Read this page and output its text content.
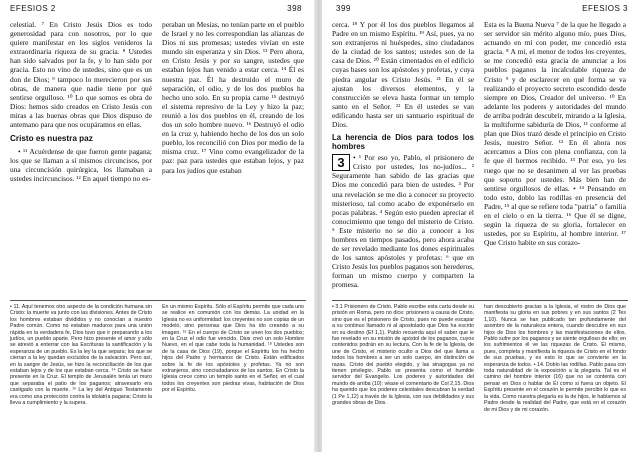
EFESIOS 2	398

celestial. ⁷ En Cristo Jesús Dios es todo generosidad para con nosotros, por lo que quiere manifestar en los siglos venideros la extraordinaria riqueza de su gracia. ⁸ Ustedes han sido salvados por la fe, y lo han sido por gracia. Esto no vino de ustedes, sino que es un don de Dios; ⁹ tampoco lo merecieron por sus obras, de manera que nadie tiene por qué sentirse orgulloso. ¹⁰ Lo que somos es obra de Dios: hemos sido creados en Cristo Jesús con miras a las buenas obras que Dios dispuso de antemano para que nos ocupáramos en ellas.

Cristo es nuestra paz

• ¹¹ Acuérdense de que fueron gente pagana; los que se llaman a sí mismos circuncisos, por una circuncisión quirúrgica, los llamaban a ustedes incircuncisos. ¹² En aquel tiempo no es-

peraban un Mesías, no tenían parte en el pueblo de Israel y no les correspondían las alianzas de Dios ni sus promesas; ustedes vivían en este mundo sin esperanza y sin Dios. ¹³ Pero ahora, en Cristo Jesús y por su sangre, ustedes que estaban lejos han venido a estar cerca. ¹⁴ Él es nuestra paz. Él ha destruido el muro de separación, el odio, y de los dos pueblos ha hecho uno solo. En su propia carne ¹⁵ destruyó el sistema represivo de la Ley y hizo la paz; reunió a los dos pueblos en él, creando de los dos un solo hombre nuevo. ¹⁶ Destruyó el odio en la cruz y, habiendo hecho de los dos un solo pueblo, los reconcilió con Dios por medio de la misma cruz. ¹⁷ Vino como evangelizador de la paz: paz para ustedes que estaban lejos, y paz para los judíos que estaban

• 11. Aquí tenemos otro aspecto de la condición humana sin Cristo: la muerte va junto con las divisiones. Antes de Cristo los hombres estaban divididos y no conocían a nuestro Padre común. Como no estaban maduros para una unión rápida en la verdadera fe, Dios tuvo que ir preparando a los judíos, un pueblo aparte. Pero hizo presente el amor y sólo se atrevió a enterrar con las Escrituras la santificación y la esperanza de un pueblo. Es la ley la que separa; los que se cierran a la ley quedan excluidos de la salvación. Pero así, en la sangre de Jesús, se hizo la reconciliación de los que estaban lejos y de los que estaban cerca. ¹⁴ Cristo se hace presente en la Cruz. El templo de Jerusalén tenía un muro que separaba el patio de los paganos; atravesarlo era castigado con la muerte. ¹⁵ La ley del Antiguo Testamento era como una protección contra la idolatría pagana; Cristo la lleva a cumplimiento y la supera.

En un mismo Espíritu. Sólo el Espíritu permite que cada uno se realice en comunión con los demás. La unidad en la Iglesia no es uniformidad: los creyentes no son copias de un modelo, sino personas que Dios ha ido creando a su imagen. ¹⁶ En el cuerpo de Cristo se unen los dos pueblos; en la Cruz el odio fue vencido. Dios creó un solo Hombre Nuevo, en el que cabe toda la humanidad. ¹⁸ Ustedes son de la casa de Dios (19), porque el Espíritu los ha hecho hijos del Padre y hermanos de Cristo. Están edificados sobre la fe de los apóstoles y profetas. Ya no son extranjeros, sino conciudadanos de los santos. En Cristo la Iglesia crece como un templo santo en el Señor, en el cual todos los creyentes son piedras vivas, habitación de Dios por el Espíritu.

399	EFESIOS 3

cerca. ¹⁸ Y por él los dos pueblos llegamos al Padre en un mismo Espíritu. ¹⁹ Así, pues, ya no son extranjeros ni huéspedes, sino ciudadanos de la ciudad de los santos; ustedes son de la casa de Dios. ²⁰ Están cimentados en el edificio cuyas bases son los apóstoles y profetas, y cuya piedra angular es Cristo Jesús. ²¹ En él se ajustan los diversos elementos, y la construcción se eleva hasta formar un templo santo en el Señor. ²² En él ustedes se van edificando hasta ser un santuario espiritual de Dios.

La herencia de Dios para todos los hombres

3	• ¹ Por eso yo, Pablo, el prisionero de Cristo por ustedes, los no-judíos... ² Seguramente han sabido de las gracias que Dios me concedió para bien de ustedes. ³ Por una revelación se me dio a conocer su proyecto misterioso, tal como acabo de exponérselo en pocas palabras. ⁴ Según esto pueden apreciar el conocimiento que tengo del misterio de Cristo. ⁵ Este misterio no se dio a conocer a los hombres en tiempos pasados, pero ahora acaba de ser revelado mediante los dones espirituales de los santos apóstoles y profetas: ⁶ que en Cristo Jesús los pueblos paganos son herederos, forman un mismo cuerpo y comparten la promesa.

Esta es la Buena Nueva ⁷ de la que he llegado a ser servidor sin mérito alguno mío, pues Dios, actuando en mí con poder, me concedió esta gracia. ⁸ A mí, el menor de todos los creyentes, se me concedió esta gracia de anunciar a los pueblos paganos la incalculable riqueza de Cristo ⁹ y de esclarecer en qué forma se va realizando el proyecto secreto escondido desde siempre en Dios, Creador del universo. ¹⁰ En adelante los poderes y autoridades del mundo de arriba podrán descubrir, mirando a la Iglesia, la multiforme sabiduría de Dios, ¹¹ conforme al plan que Dios trazó desde el principio en Cristo Jesús, nuestro Señor. ¹² En él ahora nos acercamos a Dios con plena confianza, con la fe que él hermos recibido. ¹³ Por eso, yo les ruego que no se desanimen al ver las pruebas que soporto por ustedes. Más bien han de sentirse orgullosos de ellas. • ¹⁴ Pensando en todo esto, doblo las rodillas en presencia del Padre, ¹⁵ al que se refiere toda "patria" o familia en el cielo o en la tierra. ¹⁶ Que él se digne, según la riqueza de su gloria, fortalecer en ustedes, por su Espíritu, al hombre interior. ¹⁷ Que Cristo habite en sus corazo-

• 3.1 Prisionero de Cristo. Pablo escribe esta carta desde su prisión en Roma, pero no dice: prisionero a causa de Cristo, sino que es el prisionero de Cristo, pues no puede escapar a su continuo llamado ni al apostolado que Dios ha escrito en su destino (Ef 1,1). Pablo recuerda aquí el saber que le fue revelado en su misión de apóstol de los paganos, cuyos contenidos podrán en su lectura. Con la fe de la Iglesia, de une de Cristo, el misterio oculto a Dios del que llama a todos los hombres a ser un solo cuerpo, sin distinción de razas. Cristo del pueblo elegido, y las sinagogas ya no tienen privilegio. Pablo se presenta como el humilde servidor del Evangelio. Los poderes y autoridades del mundo de arriba (10): véase el comentario de Col 2,15. Dios ha querido que los poderes celestiales descubran la verdad (1 Pe 1,12) a través de la Iglesia, con sus debilidades y sus grandes obras de Dios.

han descubierto gracias a la Iglesia, el rostro de Dios que manifiesta su gloria en sus pobres y en sus santos (2 Tes 1,10). Nunca se han publicado tan profundamente del asombro de la naturaleza entera, cuando descubre en sus hijos de Dios los hombres y las manifestaciones de ellos. Pablo sufre por los paganos y se siente orgulloso de ello; en los sufrimientos él ve las riquezas de Cristo. Él mismo, pues, completa y manifiesta la riqueza de Cristo en el fondo de sus pruebas, y es esto lo que se convierte en la esperanza de todos. • 14. Doblo las rodillas. Pablo pasa con toda naturalidad de la exposición a la plegaria. Tal es el camino del hombre interior (16) que no se contenta con pensar en Dios o hablar de Él como si fuera un objeto. El Espíritu presente en el corazón le permite percibir lo que es la vida. Como nuestra plegaria es la de hijos, le hablamos al Padre desde la realidad del Padre, que está en el corazón de mi Dios y de mi corazón.
